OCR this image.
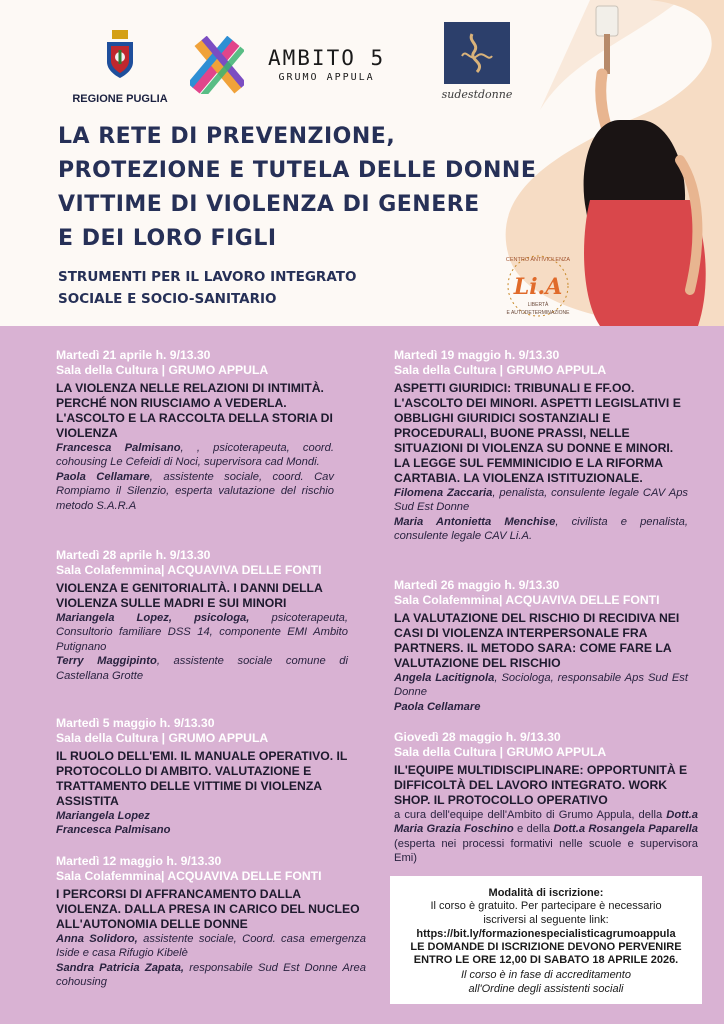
REGIONE PUGLIA
AMBITO 5
GRUMO APPULA
sudestdonne
LA RETE DI PREVENZIONE,
PROTEZIONE E TUTELA DELLE DONNE
VITTIME DI VIOLENZA DI GENERE
E DEI LORO FIGLI
STRUMENTI PER IL LAVORO INTEGRATO
SOCIALE E SOCIO-SANITARIO
CENTRO ANTIVIOLENZA
Li.A
LIBERTÀ
E AUTODETERMINAZIONE
Martedì 21 aprile h. 9/13.30
Sala della Cultura | GRUMO APPULA
LA VIOLENZA NELLE RELAZIONI DI INTIMITÀ. PERCHÉ NON RIUSCIAMO A VEDERLA. L'ASCOLTO E LA RACCOLTA DELLA STORIA DI VIOLENZA
Francesca Palmisano, , psicoterapeuta, coord. cohousing Le Cefeidi di Noci, supervisora cad Mondi.
Paola Cellamare, assistente sociale, coord. Cav Rompiamo il Silenzio, esperta valutazione del rischio metodo S.A.R.A
Martedì 28 aprile h. 9/13.30
Sala Colafemmina| ACQUAVIVA DELLE FONTI
VIOLENZA E GENITORIALITÀ. I DANNI DELLA VIOLENZA SULLE MADRI E SUI MINORI
Mariangela Lopez, psicologa, psicoterapeuta, Consultorio familiare DSS 14, componente EMI Ambito Putignano
Terry Maggipinto, assistente sociale comune di Castellana Grotte
Martedì 5 maggio h. 9/13.30
Sala della Cultura | GRUMO APPULA
IL RUOLO DELL'EMI. IL MANUALE OPERATIVO. IL PROTOCOLLO DI AMBITO. VALUTAZIONE E TRATTAMENTO DELLE VITTIME DI VIOLENZA ASSISTITA
Mariangela Lopez
Francesca Palmisano
Martedì 12 maggio h. 9/13.30
Sala Colafemmina| ACQUAVIVA DELLE FONTI
I PERCORSI DI AFFRANCAMENTO DALLA VIOLENZA. DALLA PRESA IN CARICO DEL NUCLEO ALL'AUTONOMIA DELLE DONNE
Anna Solidoro, assistente sociale, Coord. casa emergenza Iside e casa Rifugio Kibelè
Sandra Patricia Zapata, responsabile Sud Est Donne Area cohousing
Martedì 19 maggio h. 9/13.30
Sala della Cultura | GRUMO APPULA
ASPETTI GIURIDICI: TRIBUNALI E FF.OO. L'ASCOLTO DEI MINORI. ASPETTI LEGISLATIVI E OBBLIGHI GIURIDICI SOSTANZIALI E PROCEDURALI, BUONE PRASSI, NELLE SITUAZIONI DI VIOLENZA SU DONNE E MINORI. LA LEGGE SUL FEMMINICIDIO E LA RIFORMA CARTABIA. LA VIOLENZA ISTITUZIONALE.
Filomena Zaccaria, penalista, consulente legale CAV Aps Sud Est Donne
Maria Antonietta Menchise, civilista e penalista, consulente legale CAV Li.A.
Martedì 26 maggio h. 9/13.30
Sala Colafemmina| ACQUAVIVA DELLE FONTI
LA VALUTAZIONE DEL RISCHIO DI RECIDIVA NEI CASI DI VIOLENZA INTERPERSONALE FRA PARTNERS. IL METODO SARA: COME FARE LA VALUTAZIONE DEL RISCHIO
Angela Lacitignola, Sociologa, responsabile Aps Sud Est Donne
Paola Cellamare
Giovedì 28 maggio h. 9/13.30
Sala della Cultura | GRUMO APPULA
IL'EQUIPE MULTIDISCIPLINARE: OPPORTUNITÀ E DIFFICOLTÀ DEL LAVORO INTEGRATO. WORK SHOP. IL PROTOCOLLO OPERATIVO
a cura dell'equipe dell'Ambito di Grumo Appula, della Dott.a Maria Grazia Foschino e della Dott.a Rosangela Paparella (esperta nei processi formativi nelle scuole e supervisora Emi)
Modalità di iscrizione:
Il corso è gratuito. Per partecipare è necessario
iscriversi al seguente link:
https://bit.ly/formazionespecialisticagrumoappula
LE DOMANDE DI ISCRIZIONE DEVONO PERVENIRE
ENTRO LE ORE 12,00 DI SABATO 18 APRILE 2026.
Il corso è in fase di accreditamento
all'Ordine degli assistenti sociali
